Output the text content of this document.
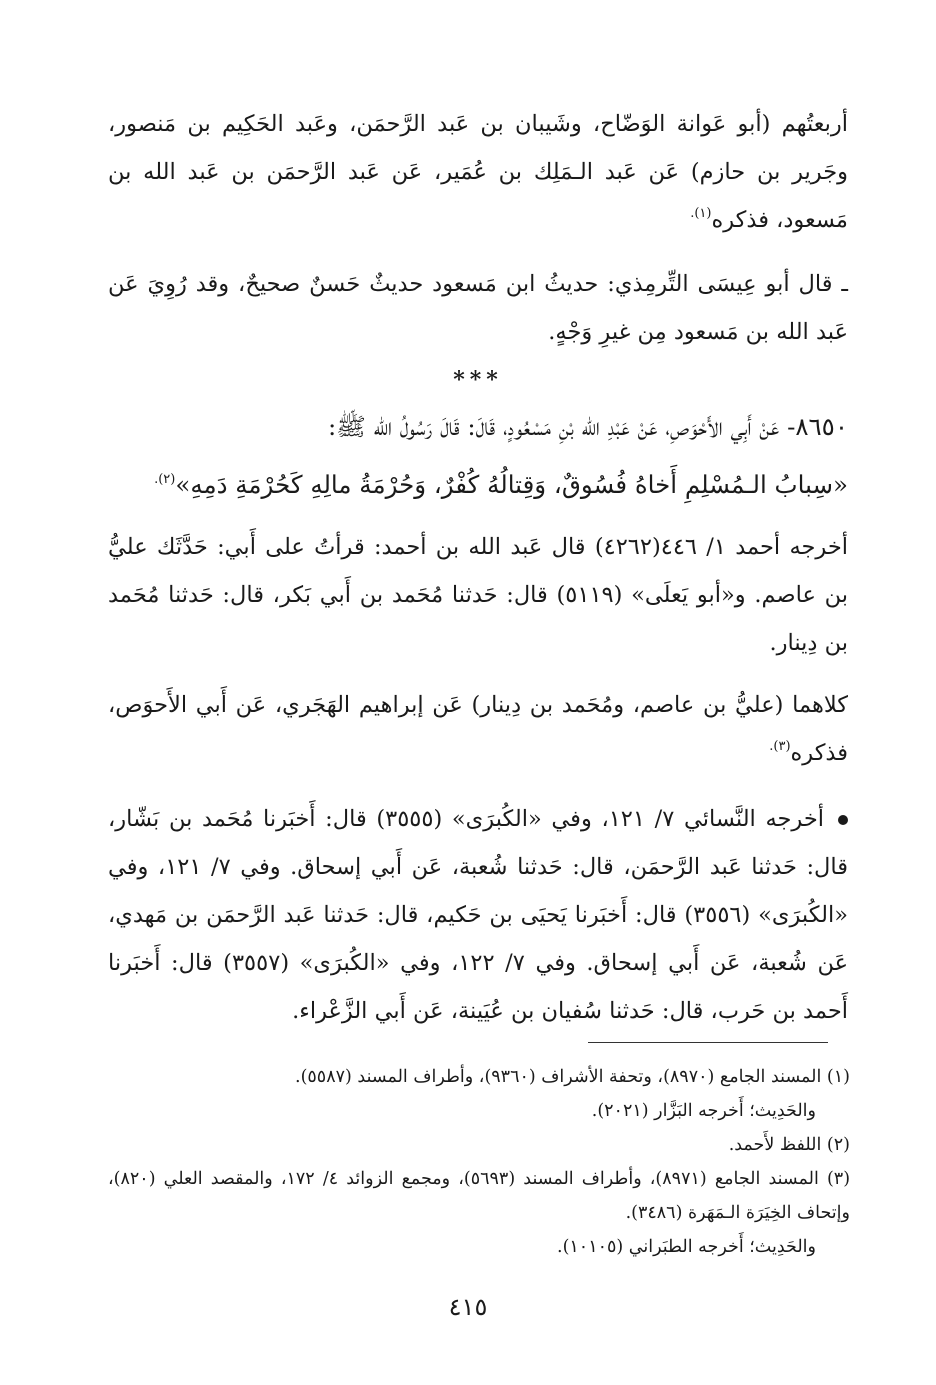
أربعتُهم (أبو عَوانة الوَضّاح، وشَيبان بن عَبد الرَّحمَن، وعَبد الحَكِيم بن مَنصور، وجَرير بن حازم) عَن عَبد الـمَلِك بن عُمَير، عَن عَبد الرَّحمَن بن عَبد الله بن مَسعود، فذكره$^{(١).}$

ـ قال أبو عِيسَى التِّرمِذي: حديثُ ابن مَسعود حديثٌ حَسنٌ صحيحٌ، وقد رُوِيَ عَن عَبد الله بن مَسعود مِن غيرِ وَجْهٍ.

***

٨٦٥٠- عَنْ أَبِي الأَحْوَصِ، عَنْ عَبْدِ الله بْنِ مَسْعُودٍ، قَالَ: قَالَ رَسُولُ الله ﷺ:

«سِبابُ الـمُسْلِمِ أَخاهُ فُسُوقٌ، وَقِتالُهُ كُفْرٌ، وَحُرْمَةُ مالِهِ كَحُرْمَةِ دَمِهِ»$^{(٢).}$

أخرجه أحمد ١/ ٤٤٦(٤٢٦٢) قال عَبد الله بن أحمد: قرأتُ على أَبي: حَدَّثَك عليُّ بن عاصم. و«أبو يَعلَى» (٥١١٩) قال: حَدثنا مُحَمد بن أَبي بَكر، قال: حَدثنا مُحَمد بن دِينار.

كلاهما (عليُّ بن عاصم، ومُحَمد بن دِينار) عَن إبراهيم الهَجَري، عَن أَبي الأَحوَص، فذكره$^{(٣).}$

أخرجه النَّسائي ٧/ ١٢١، وفي «الكُبرَى» (٣٥٥٥) قال: أَخبَرنا مُحَمد بن بَشّار، قال: حَدثنا عَبد الرَّحمَن، قال: حَدثنا شُعبة، عَن أَبي إسحاق. وفي ٧/ ١٢١، وفي «الكُبرَى» (٣٥٥٦) قال: أَخبَرنا يَحيَى بن حَكيم، قال: حَدثنا عَبد الرَّحمَن بن مَهدي، عَن شُعبة، عَن أَبي إسحاق. وفي ٧/ ١٢٢، وفي «الكُبرَى» (٣٥٥٧) قال: أَخبَرنا أَحمد بن حَرب، قال: حَدثنا سُفيان بن عُيَينة، عَن أَبي الزَّعْراء.

(١) المسند الجامع (٨٩٧٠)، وتحفة الأشراف (٩٣٦٠)، وأطراف المسند (٥٥٨٧).

والحَدِيث؛ أَخرجه البَزَّار (٢٠٢١).

(٢) اللفظ لأَحمد.

(٣) المسند الجامع (٨٩٧١)، وأطراف المسند (٥٦٩٣)، ومجمع الزوائد ٤/ ١٧٢، والمقصد العلي (٨٢٠)، وإتحاف الخِيَرَة الـمَهَرة (٣٤٨٦).

والحَدِيث؛ أَخرجه الطبَراني (١٠١٠٥).

٤١٥
